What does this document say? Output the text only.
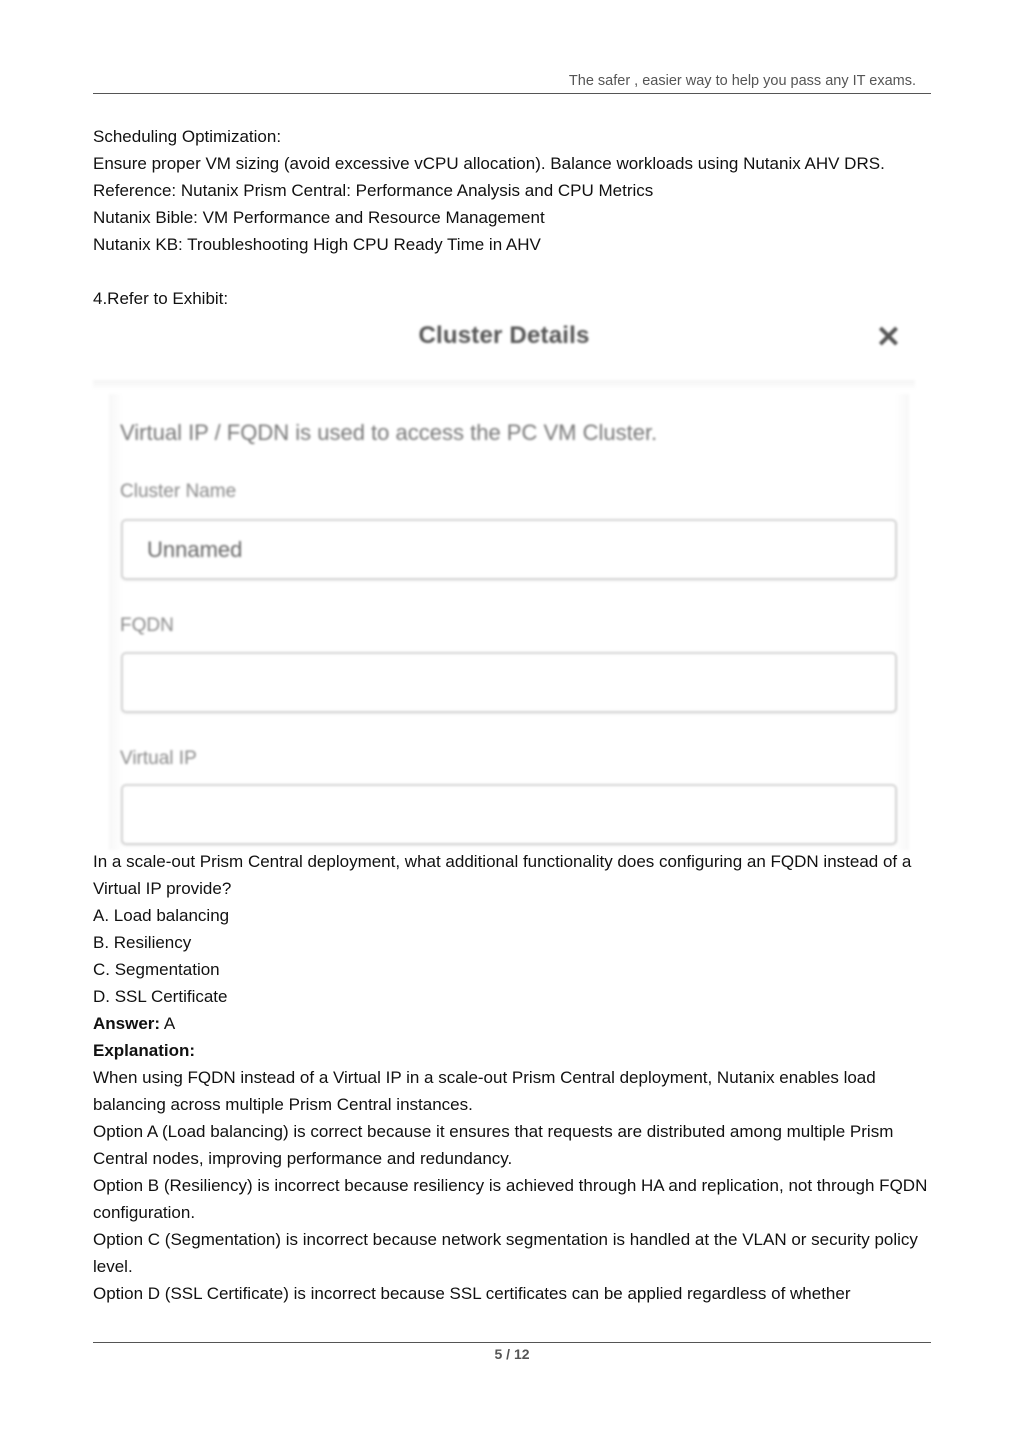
The safer , easier way to help you pass any IT exams.

Scheduling Optimization:

Ensure proper VM sizing (avoid excessive vCPU allocation). Balance workloads using Nutanix AHV DRS.

Reference: Nutanix Prism Central: Performance Analysis and CPU Metrics

Nutanix Bible: VM Performance and Resource Management

Nutanix KB: Troubleshooting High CPU Ready Time in AHV

4.Refer to Exhibit:

Cluster Details	✕
Virtual IP / FQDN is used to access the PC VM Cluster.
Cluster Name
Unnamed
FQDN
Virtual IP

In a scale-out Prism Central deployment, what additional functionality does configuring an FQDN instead of a Virtual IP provide?

A. Load balancing

B. Resiliency

C. Segmentation

D. SSL Certificate

Answer: A

Explanation:

When using FQDN instead of a Virtual IP in a scale-out Prism Central deployment, Nutanix enables load balancing across multiple Prism Central instances.

Option A (Load balancing) is correct because it ensures that requests are distributed among multiple Prism Central nodes, improving performance and redundancy.

Option B (Resiliency) is incorrect because resiliency is achieved through HA and replication, not through FQDN configuration.

Option C (Segmentation) is incorrect because network segmentation is handled at the VLAN or security policy level.

Option D (SSL Certificate) is incorrect because SSL certificates can be applied regardless of whether

5 / 12
